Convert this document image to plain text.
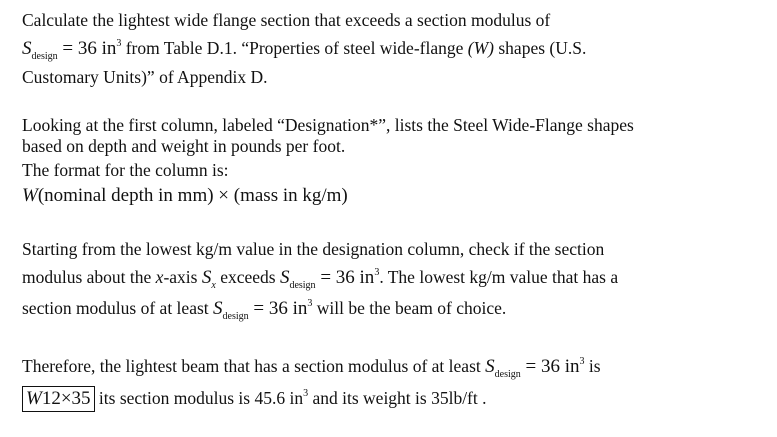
Calculate the lightest wide flange section that exceeds a section modulus of
$S_{design} = 36$ $in^3$ from Table D.1. “Properties of steel wide-flange (W) shapes (U.S.
Customary Units)” of Appendix D.
Looking at the first column, labeled “Designation*”, lists the Steel Wide-Flange shapes
based on depth and weight in pounds per foot.
The format for the column is:
W(nominal depth in mm) × (mass in kg/m)
Starting from the lowest kg/m value in the designation column, check if the section
modulus about the x-axis $S_x$ exceeds $S_{design} = 36$ $in^3$. The lowest kg/m value that has a
section modulus of at least $S_{design} = 36$ $in^3$ will be the beam of choice.
Therefore, the lightest beam that has a section modulus of at least $S_{design} = 36$ $in^3$ is
W12×35 its section modulus is 45.6 $in^3$ and its weight is 35lb/ft .
